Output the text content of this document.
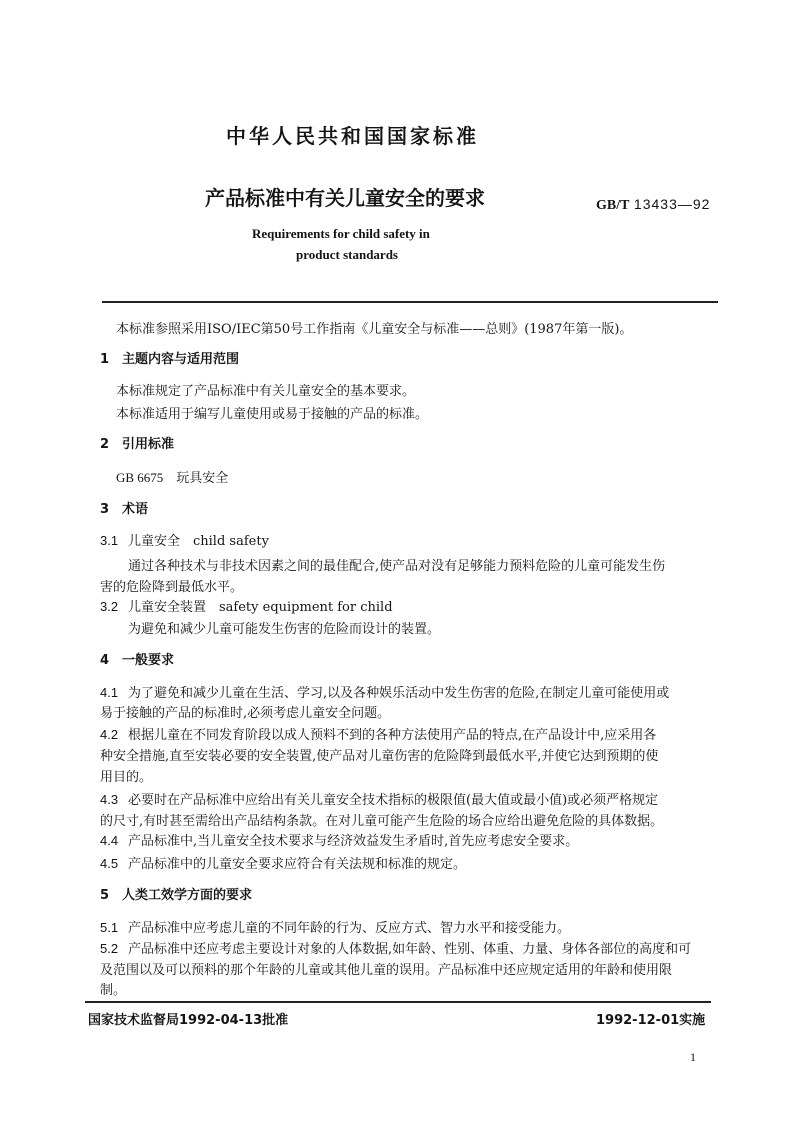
中华人民共和国国家标准
产品标准中有关儿童安全的要求	GB/T 13433—92
Requirements for child safety in
product standards
本标准参照采用ISO/IEC第50号工作指南《儿童安全与标准——总则》(1987年第一版)。
1 主题内容与适用范围
本标准规定了产品标准中有关儿童安全的基本要求。
本标准适用于编写儿童使用或易于接触的产品的标准。
2 引用标准
GB 6675　玩具安全
3 术语
3.1 儿童安全　child safety
通过各种技术与非技术因素之间的最佳配合,使产品对没有足够能力预料危险的儿童可能发生伤
害的危险降到最低水平。
3.2 儿童安全装置　safety equipment for child
为避免和减少儿童可能发生伤害的危险而设计的装置。
4 一般要求
4.1 为了避免和减少儿童在生活、学习,以及各种娱乐活动中发生伤害的危险,在制定儿童可能使用或
易于接触的产品的标准时,必须考虑儿童安全问题。
4.2 根据儿童在不同发育阶段以成人预料不到的各种方法使用产品的特点,在产品设计中,应采用各
种安全措施,直至安装必要的安全装置,使产品对儿童伤害的危险降到最低水平,并使它达到预期的使
用目的。
4.3 必要时在产品标准中应给出有关儿童安全技术指标的极限值(最大值或最小值)或必须严格规定
的尺寸,有时甚至需给出产品结构条款。在对儿童可能产生危险的场合应给出避免危险的具体数据。
4.4 产品标准中,当儿童安全技术要求与经济效益发生矛盾时,首先应考虑安全要求。
4.5 产品标准中的儿童安全要求应符合有关法规和标准的规定。
5 人类工效学方面的要求
5.1 产品标准中应考虑儿童的不同年龄的行为、反应方式、智力水平和接受能力。
5.2 产品标准中还应考虑主要设计对象的人体数据,如年龄、性别、体重、力量、身体各部位的高度和可
及范围以及可以预料的那个年龄的儿童或其他儿童的误用。产品标准中还应规定适用的年龄和使用限
制。
国家技术监督局1992-04-13批准	1992-12-01实施
1
